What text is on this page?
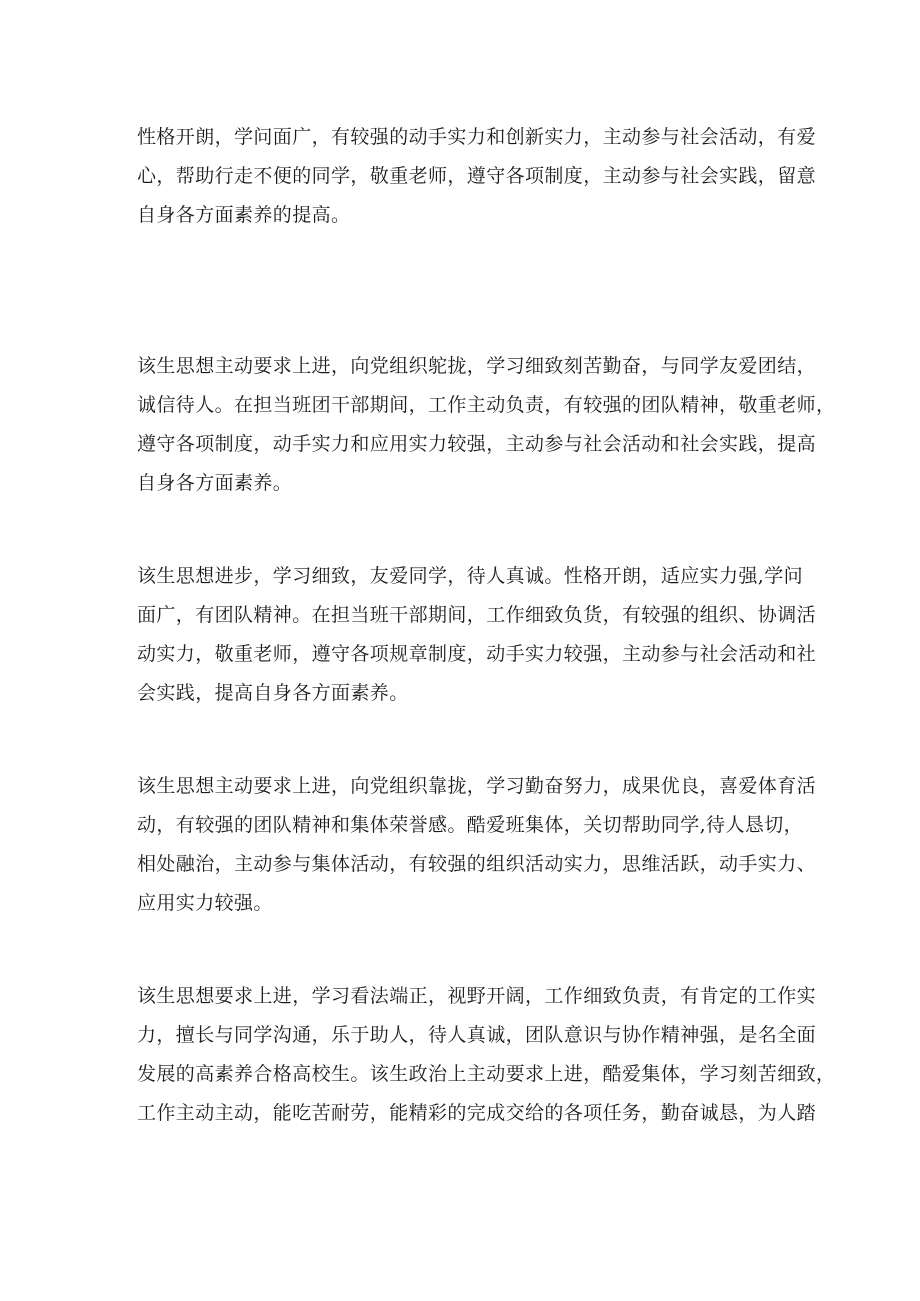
性格开朗，学问面广，有较强的动手实力和创新实力，主动参与社会活动，有爱
心，帮助行走不便的同学，敬重老师，遵守各项制度，主动参与社会实践，留意
自身各方面素养的提高。

该生思想主动要求上进，向党组织鸵拢，学习细致刻苦勤奋，与同学友爱团结，
诚信待人。在担当班团干部期间，工作主动负责，有较强的团队精神，敬重老师，
遵守各项制度，动手实力和应用实力较强，主动参与社会活动和社会实践，提高
自身各方面素养。

该生思想进步，学习细致，友爱同学，待人真诚。性格开朗，适应实力强,学问
面广，有团队精神。在担当班干部期间，工作细致负货，有较强的组织、协调活
动实力，敬重老师，遵守各项规章制度，动手实力较强，主动参与社会活动和社
会实践，提高自身各方面素养。

该生思想主动要求上进，向党组织靠拢，学习勤奋努力，成果优良，喜爱体育活
动，有较强的团队精神和集体荣誉感。酷爱班集体，关切帮助同学,待人恳切，
相处融治，主动参与集体活动，有较强的组织活动实力，思维活跃，动手实力、
应用实力较强。

该生思想要求上进，学习看法端正，视野开阔，工作细致负责，有肯定的工作实
力，擅长与同学沟通，乐于助人，待人真诚，团队意识与协作精神强，是名全面
发展的高素养合格高校生。该生政治上主动要求上进，酷爱集体，学习刻苦细致，
工作主动主动，能吃苦耐劳，能精彩的完成交给的各项任务，勤奋诚恳，为人踏
